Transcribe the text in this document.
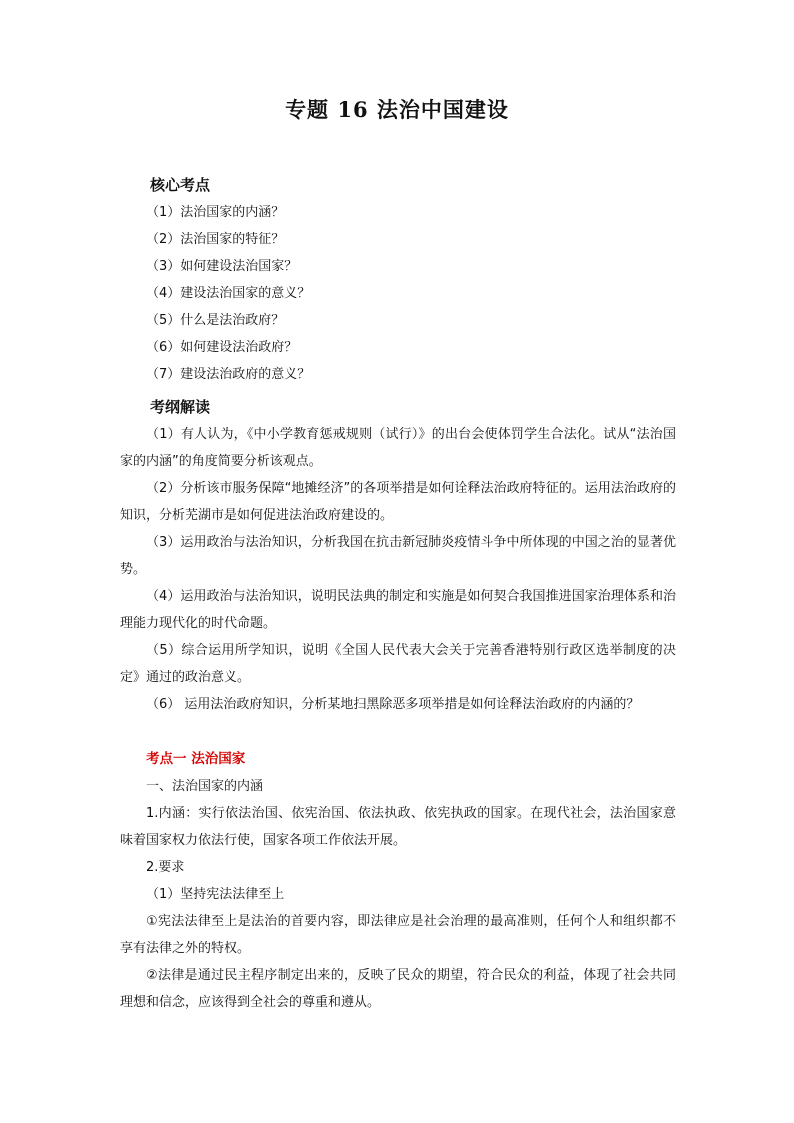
专题 16 法治中国建设
核心考点
（1）法治国家的内涵？
（2）法治国家的特征？
（3）如何建设法治国家？
（4）建设法治国家的意义？
（5）什么是法治政府？
（6）如何建设法治政府？
（7）建设法治政府的意义？
考纲解读
（1）有人认为，《中小学教育惩戒规则（试行）》的出台会使体罚学生合法化。试从“法治国家的内涵”的角度简要分析该观点。
（2）分析该市服务保障“地摊经济”的各项举措是如何诠释法治政府特征的。运用法治政府的知识，分析芜湖市是如何促进法治政府建设的。
（3）运用政治与法治知识，分析我国在抗击新冠肺炎疫情斗争中所体现的中国之治的显著优势。
（4）运用政治与法治知识，说明民法典的制定和实施是如何契合我国推进国家治理体系和治理能力现代化的时代命题。
（5）综合运用所学知识，说明《全国人民代表大会关于完善香港特别行政区选举制度的决定》通过的政治意义。
（6） 运用法治政府知识，分析某地扫黑除恶多项举措是如何诠释法治政府的内涵的？
考点一 法治国家
一、法治国家的内涵
1.内涵：实行依法治国、依宪治国、依法执政、依宪执政的国家。在现代社会，法治国家意味着国家权力依法行使，国家各项工作依法开展。
2.要求
（1）坚持宪法法律至上
①宪法法律至上是法治的首要内容，即法律应是社会治理的最高准则，任何个人和组织都不享有法律之外的特权。
②法律是通过民主程序制定出来的，反映了民众的期望，符合民众的利益，体现了社会共同理想和信念，应该得到全社会的尊重和遵从。
